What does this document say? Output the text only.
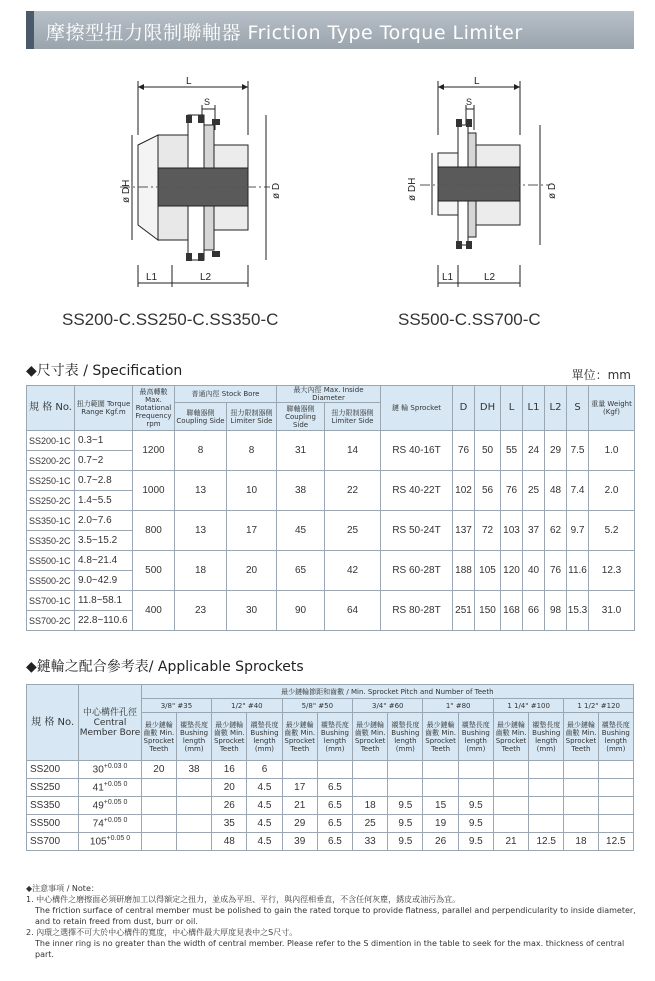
摩擦型扭力限制聯軸器 Friction Type Torque Limiter
L
S
ø DH	ø D
L1	L2
L
S
ø DH	ø D
L1	L2
SS200-C.SS250-C.SS350-C	SS500-C.SS700-C
◆尺寸表 / Specification	單位：mm
規 格 No.	扭力範圍 Torque Range Kgf.m	最高轉數 Max. Rotational Frequency rpm	普通內徑 Stock Bore		最大內徑 Max. Inside Diameter		鏈 輪 Sprocket	D	DH	L	L1	L2	S	重量 Weight (Kgf)
			聯軸器側 Coupling Side	扭力限制器側 Limiter Side	聯軸器側 Coupling Side	扭力限制器側 Limiter Side								

SS200-1C	0.3~1	1200	8	8	31	14	RS 40-16T	76	50	55	24	29	7.5	1.0
SS200-2C	0.7~2													
SS250-1C	0.7~2.8	1000	13	10	38	22	RS 40-22T	102	56	76	25	48	7.4	2.0
SS250-2C	1.4~5.5													
SS350-1C	2.0~7.6	800	13	17	45	25	RS 50-24T	137	72	103	37	62	9.7	5.2
SS350-2C	3.5~15.2													
SS500-1C	4.8~21.4	500	18	20	65	42	RS 60-28T	188	105	120	40	76	11.6	12.3
SS500-2C	9.0~42.9													
SS700-1C	11.8~58.1	400	23	30	90	64	RS 80-28T	251	150	168	66	98	15.3	31.0
SS700-2C	22.8~110.6													
◆鏈輪之配合參考表/ Applicable Sprockets
規 格 No.	中心構件孔徑 Central Member Bore	最少鏈輪節距和齒數 / Min. Sprocket Pitch and Number of Teeth													
		3/8" #35		1/2" #40		5/8" #50		3/4" #60		1" #80		1 1/4" #100		1 1/2" #120	
		最少鏈輪齒數 Min. Sprocket Teeth	襯墊長度 Bushing length (mm)	最少鏈輪齒數 Min. Sprocket Teeth	襯墊長度 Bushing length (mm)	最少鏈輪齒數 Min. Sprocket Teeth	襯墊長度 Bushing length (mm)	最少鏈輪齒數 Min. Sprocket Teeth	襯墊長度 Bushing length (mm)	最少鏈輪齒數 Min. Sprocket Teeth	襯墊長度 Bushing length (mm)	最少鏈輪齒數 Min. Sprocket Teeth	襯墊長度 Bushing length (mm)	最少鏈輪齒數 Min. Sprocket Teeth	襯墊長度 Bushing length (mm)
SS200	$30^{+0.03 0}$	20	38	16	6										
SS250	$41^{+0.05 0}$			20	4.5	17	6.5								
SS350	$49^{+0.05 0}$			26	4.5	21	6.5	18	9.5	15	9.5				
SS500	$74^{+0.05 0}$			35	4.5	29	6.5	25	9.5	19	9.5				
SS700	$105^{+0.05 0}$			48	4.5	39	6.5	33	9.5	26	9.5	21	12.5	18	12.5
◆注意事項 / Note：
1. 中心構件之磨擦面必須研磨加工以得額定之扭力，並成為平坦、平行，與內徑相垂直，不含任何灰塵，銹皮或油污為宜。
The friction surface of central member must be polished to gain the rated torque to provide flatness, parallel and perpendicularity to inside diameter, and to retain freed from dust, burr or oil.
2. 內環之選擇不可大於中心構件的寬度，中心構件最大厚度見表中之S尺寸。
The inner ring is no greater than the width of central member. Please refer to the S dimention in the table to seek for the max. thickness of central part.
